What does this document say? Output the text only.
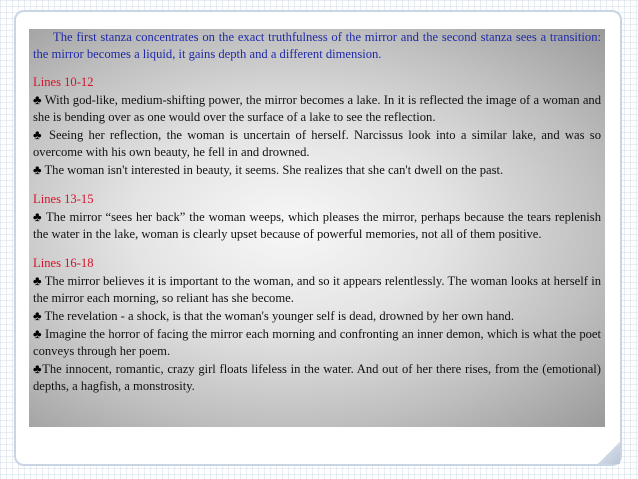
The first stanza concentrates on the exact truthfulness of the mirror and the second stanza sees a transition: the mirror becomes a liquid, it gains depth and a different dimension.

Lines 10-12

♣ With god-like, medium-shifting power, the mirror becomes a lake. In it is reflected the image of a woman and she is bending over as one would over the surface of a lake to see the reflection.

♣ Seeing her reflection, the woman is uncertain of herself. Narcissus look into a similar lake, and was so overcome with his own beauty, he fell in and drowned.

♣ The woman isn't interested in beauty, it seems. She realizes that she can't dwell on the past.

Lines 13-15

♣ The mirror “sees her back” the woman weeps, which pleases the mirror, perhaps because the tears replenish the water in the lake, woman is clearly upset because of powerful memories, not all of them positive.

Lines 16-18

♣ The mirror believes it is important to the woman, and so it appears relentlessly. The woman looks at herself in the mirror each morning, so reliant has she become.

♣ The revelation - a shock, is that the woman's younger self is dead, drowned by her own hand.

♣ Imagine the horror of facing the mirror each morning and confronting an inner demon, which is what the poet conveys through her poem.

♣The innocent, romantic, crazy girl floats lifeless in the water. And out of her there rises, from the (emotional) depths, a hagfish, a monstrosity.
